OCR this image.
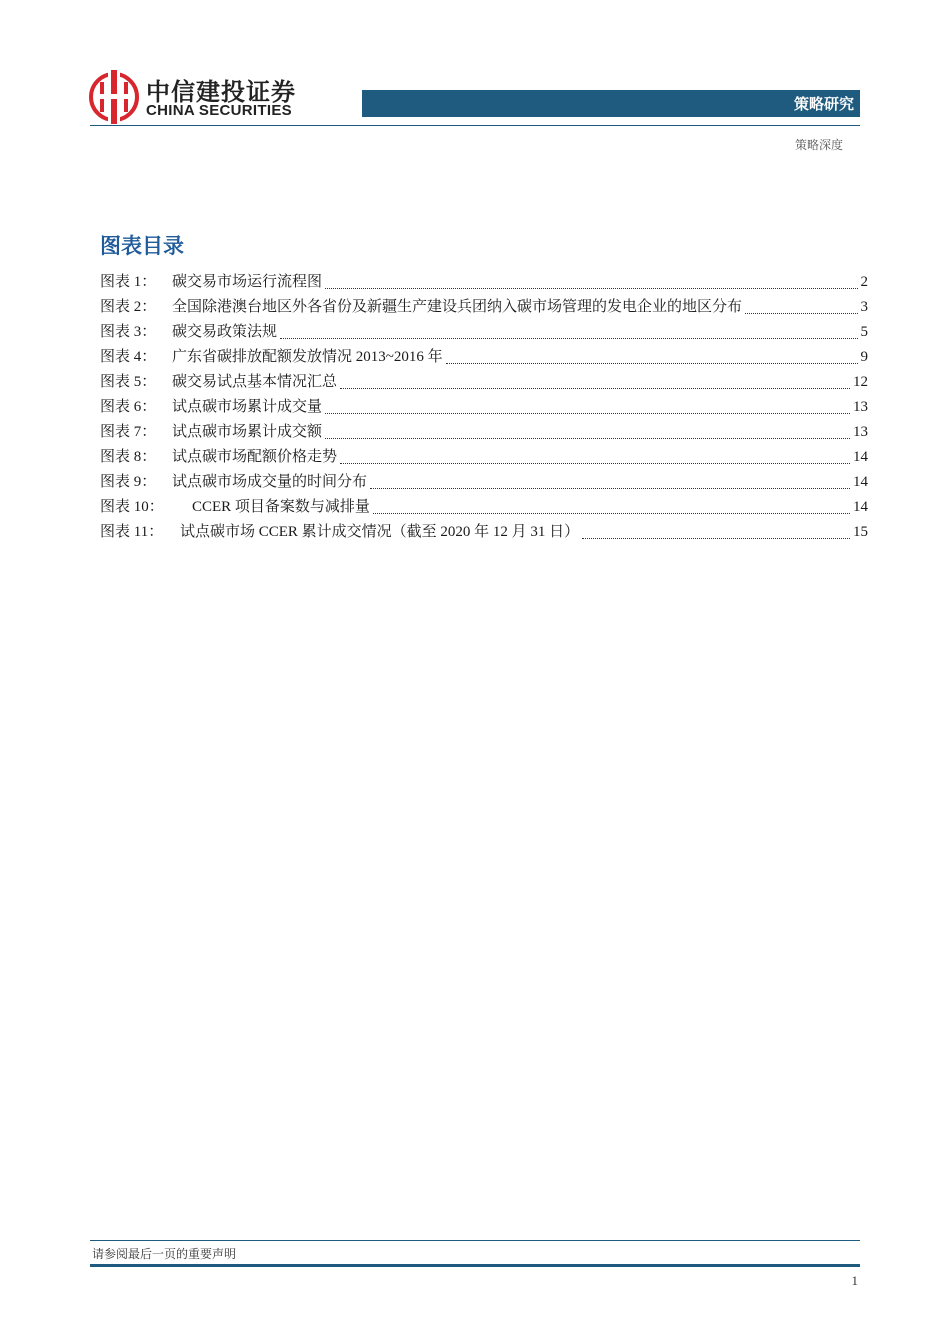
中信建投证券
CHINA SECURITIES	策略研究
策略深度
图表目录
图表 1：	碳交易市场运行流程图	2
图表 2：	全国除港澳台地区外各省份及新疆生产建设兵团纳入碳市场管理的发电企业的地区分布	3
图表 3：	碳交易政策法规	5
图表 4：	广东省碳排放配额发放情况 2013~2016 年	9
图表 5：	碳交易试点基本情况汇总	12
图表 6：	试点碳市场累计成交量	13
图表 7：	试点碳市场累计成交额	13
图表 8：	试点碳市场配额价格走势	14
图表 9：	试点碳市场成交量的时间分布	14
图表 10：	CCER 项目备案数与减排量	14
图表 11：	试点碳市场 CCER 累计成交情况（截至 2020 年 12 月 31 日）	15
请参阅最后一页的重要声明
1
